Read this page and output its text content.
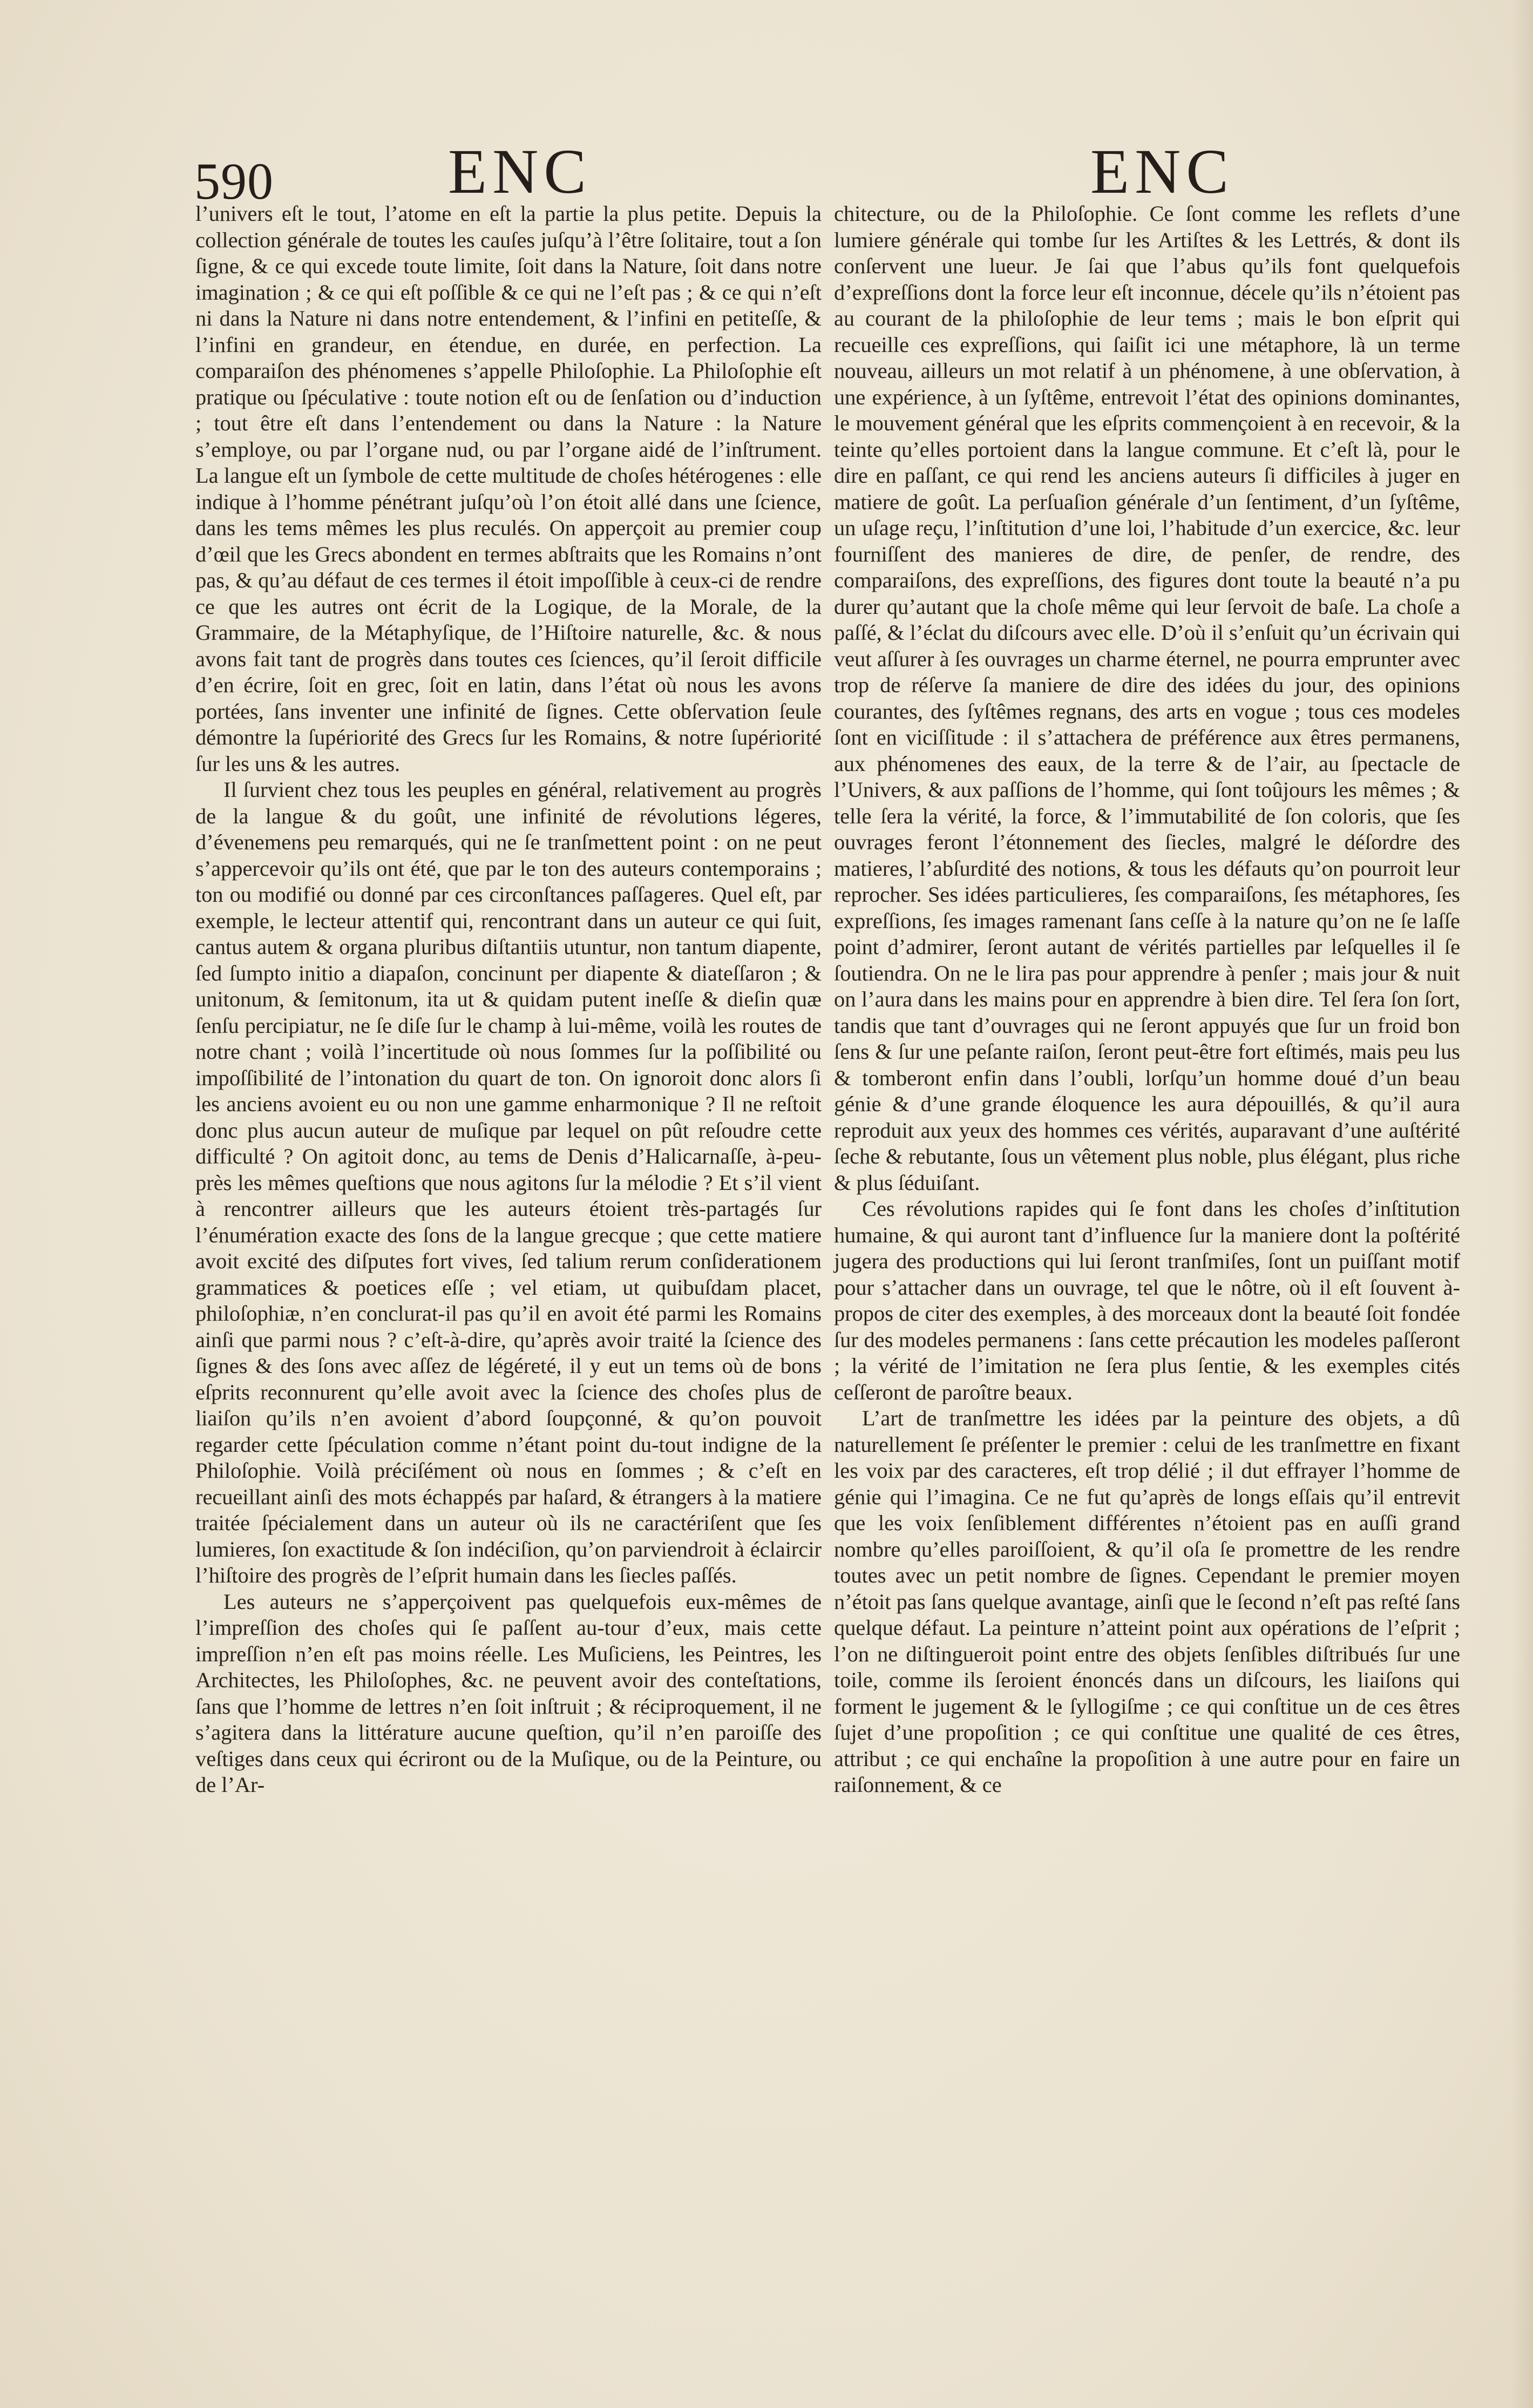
590	ENC	ENC

l’univers eſt le tout, l’atome en eſt la partie la plus petite. Depuis la collection générale de toutes les cauſes juſqu’à l’être ſolitaire, tout a ſon ſigne, & ce qui excede toute limite, ſoit dans la Nature, ſoit dans notre imagination ; & ce qui eſt poſſible & ce qui ne l’eſt pas ; & ce qui n’eſt ni dans la Nature ni dans notre entendement, & l’infini en petiteſſe, & l’infini en grandeur, en étendue, en durée, en perfection. La comparaiſon des phénomenes s’appelle Philoſophie. La Philoſophie eſt pratique ou ſpéculative : toute notion eſt ou de ſenſation ou d’induction ; tout être eſt dans l’entendement ou dans la Nature : la Nature s’employe, ou par l’organe nud, ou par l’organe aidé de l’inſtrument. La langue eſt un ſymbole de cette multitude de choſes hétérogenes : elle indique à l’homme pénétrant juſqu’où l’on étoit allé dans une ſcience, dans les tems mêmes les plus reculés. On apperçoit au premier coup d’œil que les Grecs abondent en termes abſtraits que les Romains n’ont pas, & qu’au défaut de ces termes il étoit impoſſible à ceux-ci de rendre ce que les autres ont écrit de la Logique, de la Morale, de la Grammaire, de la Métaphyſique, de l’Hiſtoire naturelle, &c. & nous avons fait tant de progrès dans toutes ces ſciences, qu’il ſeroit difficile d’en écrire, ſoit en grec, ſoit en latin, dans l’état où nous les avons portées, ſans inventer une infinité de ſignes. Cette obſervation ſeule démontre la ſupériorité des Grecs ſur les Romains, & notre ſupériorité ſur les uns & les autres.

Il ſurvient chez tous les peuples en général, relativement au progrès de la langue & du goût, une infinité de révolutions légeres, d’évenemens peu remarqués, qui ne ſe tranſmettent point : on ne peut s’appercevoir qu’ils ont été, que par le ton des auteurs contemporains ; ton ou modifié ou donné par ces circonſtances paſſageres. Quel eſt, par exemple, le lecteur attentif qui, rencontrant dans un auteur ce qui ſuit, cantus autem & organa pluribus diſtantiis utuntur, non tantum diapente, ſed ſumpto initio a diapaſon, concinunt per diapente & diateſſaron ; & unitonum, & ſemitonum, ita ut & quidam putent ineſſe & dieſin quæ ſenſu percipiatur, ne ſe diſe ſur le champ à lui-même, voilà les routes de notre chant ; voilà l’incertitude où nous ſommes ſur la poſſibilité ou impoſſibilité de l’intonation du quart de ton. On ignoroit donc alors ſi les anciens avoient eu ou non une gamme enharmonique ? Il ne reſtoit donc plus aucun auteur de muſique par lequel on pût reſoudre cette difficulté ? On agitoit donc, au tems de Denis d’Halicarnaſſe, à-peu-près les mêmes queſtions que nous agitons ſur la mélodie ? Et s’il vient à rencontrer ailleurs que les auteurs étoient très-partagés ſur l’énumération exacte des ſons de la langue grecque ; que cette matiere avoit excité des diſputes fort vives, ſed talium rerum conſiderationem grammatices & poetices eſſe ; vel etiam, ut quibuſdam placet, philoſophiæ, n’en conclurat-il pas qu’il en avoit été parmi les Romains ainſi que parmi nous ? c’eſt-à-dire, qu’après avoir traité la ſcience des ſignes & des ſons avec aſſez de légéreté, il y eut un tems où de bons eſprits reconnurent qu’elle avoit avec la ſcience des choſes plus de liaiſon qu’ils n’en avoient d’abord ſoupçonné, & qu’on pouvoit regarder cette ſpéculation comme n’étant point du-tout indigne de la Philoſophie. Voilà préciſément où nous en ſommes ; & c’eſt en recueillant ainſi des mots échappés par haſard, & étrangers à la matiere traitée ſpécialement dans un auteur où ils ne caractériſent que ſes lumieres, ſon exactitude & ſon indéciſion, qu’on parviendroit à éclaircir l’hiſtoire des progrès de l’eſprit humain dans les ſiecles paſſés.

Les auteurs ne s’apperçoivent pas quelquefois eux-mêmes de l’impreſſion des choſes qui ſe paſſent au-tour d’eux, mais cette impreſſion n’en eſt pas moins réelle. Les Muſiciens, les Peintres, les Architectes, les Philoſophes, &c. ne peuvent avoir des conteſtations, ſans que l’homme de lettres n’en ſoit inſtruit ; & réciproquement, il ne s’agitera dans la littérature aucune queſtion, qu’il n’en paroiſſe des veſtiges dans ceux qui écriront ou de la Muſique, ou de la Peinture, ou de l’Ar-

chitecture, ou de la Philoſophie. Ce ſont comme les reflets d’une lumiere générale qui tombe ſur les Artiſtes & les Lettrés, & dont ils conſervent une lueur. Je ſai que l’abus qu’ils font quelquefois d’expreſſions dont la force leur eſt inconnue, décele qu’ils n’étoient pas au courant de la philoſophie de leur tems ; mais le bon eſprit qui recueille ces expreſſions, qui ſaiſit ici une métaphore, là un terme nouveau, ailleurs un mot relatif à un phénomene, à une obſervation, à une expérience, à un ſyſtême, entrevoit l’état des opinions dominantes, le mouvement général que les eſprits commençoient à en recevoir, & la teinte qu’elles portoient dans la langue commune. Et c’eſt là, pour le dire en paſſant, ce qui rend les anciens auteurs ſi difficiles à juger en matiere de goût. La perſuaſion générale d’un ſentiment, d’un ſyſtême, un uſage reçu, l’inſtitution d’une loi, l’habitude d’un exercice, &c. leur fourniſſent des manieres de dire, de penſer, de rendre, des comparaiſons, des expreſſions, des figures dont toute la beauté n’a pu durer qu’autant que la choſe même qui leur ſervoit de baſe. La choſe a paſſé, & l’éclat du diſcours avec elle. D’où il s’enſuit qu’un écrivain qui veut aſſurer à ſes ouvrages un charme éternel, ne pourra emprunter avec trop de réſerve ſa maniere de dire des idées du jour, des opinions courantes, des ſyſtêmes regnans, des arts en vogue ; tous ces modeles ſont en viciſſitude : il s’attachera de préférence aux êtres permanens, aux phénomenes des eaux, de la terre & de l’air, au ſpectacle de l’Univers, & aux paſſions de l’homme, qui ſont toûjours les mêmes ; & telle ſera la vérité, la force, & l’immutabilité de ſon coloris, que ſes ouvrages feront l’étonnement des ſiecles, malgré le déſordre des matieres, l’abſurdité des notions, & tous les défauts qu’on pourroit leur reprocher. Ses idées particulieres, ſes comparaiſons, ſes métaphores, ſes expreſſions, ſes images ramenant ſans ceſſe à la nature qu’on ne ſe laſſe point d’admirer, ſeront autant de vérités partielles par leſquelles il ſe ſoutiendra. On ne le lira pas pour apprendre à penſer ; mais jour & nuit on l’aura dans les mains pour en apprendre à bien dire. Tel ſera ſon ſort, tandis que tant d’ouvrages qui ne ſeront appuyés que ſur un froid bon ſens & ſur une peſante raiſon, ſeront peut-être fort eſtimés, mais peu lus & tomberont enfin dans l’oubli, lorſqu’un homme doué d’un beau génie & d’une grande éloquence les aura dépouillés, & qu’il aura reproduit aux yeux des hommes ces vérités, auparavant d’une auſtérité ſeche & rebutante, ſous un vêtement plus noble, plus élégant, plus riche & plus ſéduiſant.

Ces révolutions rapides qui ſe font dans les choſes d’inſtitution humaine, & qui auront tant d’influence ſur la maniere dont la poſtérité jugera des productions qui lui ſeront tranſmiſes, ſont un puiſſant motif pour s’attacher dans un ouvrage, tel que le nôtre, où il eſt ſouvent à-propos de citer des exemples, à des morceaux dont la beauté ſoit fondée ſur des modeles permanens : ſans cette précaution les modeles paſſeront ; la vérité de l’imitation ne ſera plus ſentie, & les exemples cités ceſſeront de paroître beaux.

L’art de tranſmettre les idées par la peinture des objets, a dû naturellement ſe préſenter le premier : celui de les tranſmettre en fixant les voix par des caracteres, eſt trop délié ; il dut effrayer l’homme de génie qui l’imagina. Ce ne fut qu’après de longs eſſais qu’il entrevit que les voix ſenſiblement différentes n’étoient pas en auſſi grand nombre qu’elles paroiſſoient, & qu’il oſa ſe promettre de les rendre toutes avec un petit nombre de ſignes. Cependant le premier moyen n’étoit pas ſans quelque avantage, ainſi que le ſecond n’eſt pas reſté ſans quelque défaut. La peinture n’atteint point aux opérations de l’eſprit ; l’on ne diſtingueroit point entre des objets ſenſibles diſtribués ſur une toile, comme ils ſeroient énoncés dans un diſcours, les liaiſons qui forment le jugement & le ſyllogiſme ; ce qui conſtitue un de ces êtres ſujet d’une propoſition ; ce qui conſtitue une qualité de ces êtres, attribut ; ce qui enchaîne la propoſition à une autre pour en faire un raiſonnement, & ce
